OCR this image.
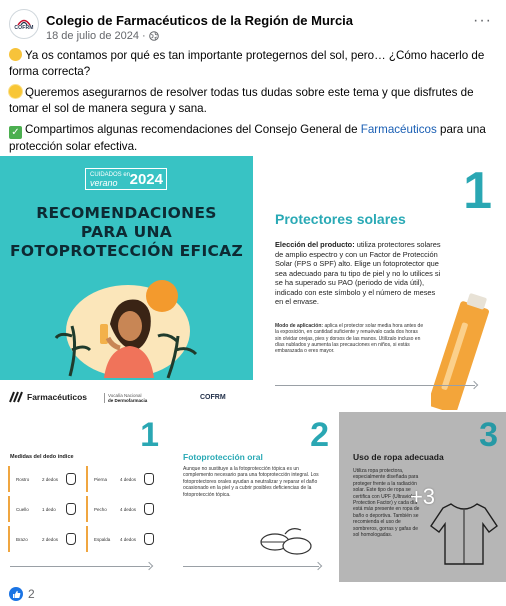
COFRM Colegio de Farmacéuticos de la Región de Murcia
18 de julio de 2024 ·
···

Ya os contamos por qué es tan importante protegernos del sol, pero… ¿Cómo hacerlo de forma correcta?

Queremos asegurarnos de resolver todas tus dudas sobre este tema y que disfrutes de tomar el sol de manera segura y sana.

✓ Compartimos algunas recomendaciones del Consejo General de Farmacéuticos para una protección solar efectiva.

CUIDADOS en
verano 2024
RECOMENDACIONES
PARA UNA
FOTOPROTECCIÓN EFICAZ
Farmacéuticos	Vocalía Nacional
de Dermofarmacia	COFRM
1
Protectores solares
Elección del producto: utiliza protectores solares de amplio espectro y con un Factor de Protección Solar (FPS o SPF) alto. Elige un fotoprotector que sea adecuado para tu tipo de piel y no lo utilices si se ha superado su PAO (periodo de vida útil), indicado con este símbolo y el número de meses en el envase.
Modo de aplicación: aplica el protector solar media hora antes de la exposición, en cantidad suficiente y renuévalo cada dos horas sin olvidar orejas, pies y dorsos de las manos. Utilízalo incluso en días nublados y aumenta las precauciones en niños, si estás embarazada o eres mayor.
1
Medidas del dedo índice
Rostro	2 dedos	Pierna	4 dedos
Cuello	1 dedo	Pecho	4 dedos
Brazo	2 dedos	Espalda 4 dedos
2
Fotoprotección oral
Aunque no sustituye a la fotoprotección tópica es un complemento necesario para una fotoprotección integral. Los fotoprotectores orales ayudan a neutralizar y reparar el daño ocasionado en la piel y a cubrir posibles deficiencias de la fotoprotección tópica.
3
Uso de ropa adecuada
Utiliza ropa protectora, especialmente diseñada para proteger frente a la radiación solar. Este tipo de ropa se certifica con UPF (Ultraviolet Protection Factor) y cada día está más presente en ropa de baño o deportiva. También se recomienda el uso de sombreros, gorras y gafas de sol homologadas.
+3
2
